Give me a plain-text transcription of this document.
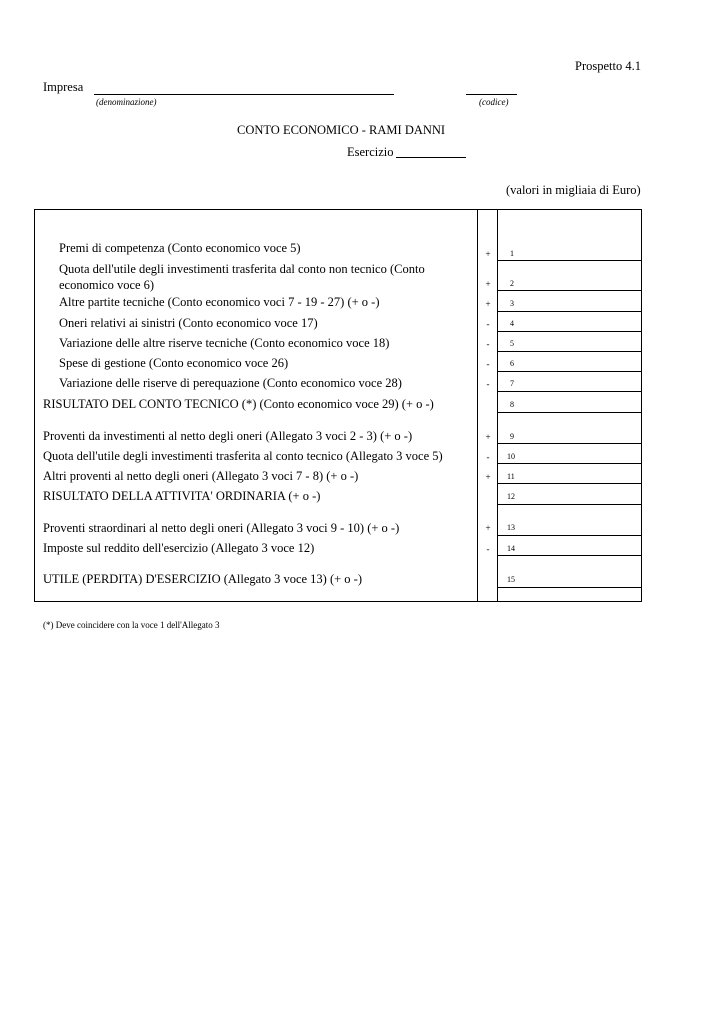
Prospetto 4.1
Impresa
(denominazione)	(codice)
CONTO ECONOMICO - RAMI DANNI
Esercizio
(valori in migliaia di Euro)
Premi di competenza (Conto economico voce 5)	+	1
Quota dell'utile degli investimenti trasferita dal conto non tecnico (Conto
economico voce 6)	+	2
Altre partite tecniche (Conto economico voci 7 - 19 - 27) (+ o -)	+	3
Oneri relativi ai sinistri (Conto economico voce 17)	-	4
Variazione delle altre riserve tecniche (Conto economico voce 18)	-	5
Spese di gestione (Conto economico voce 26)	-	6
Variazione delle riserve di perequazione (Conto economico voce 28)	-	7
RISULTATO DEL CONTO TECNICO (*) (Conto economico voce 29) (+ o -)	8
Proventi da investimenti al netto degli oneri (Allegato 3 voci 2 - 3) (+ o -)	+	9
Quota dell'utile degli investimenti trasferita al conto tecnico (Allegato 3 voce 5)	-	10
Altri proventi al netto degli oneri (Allegato 3 voci 7 - 8) (+ o -)	+	11
RISULTATO DELLA ATTIVITA' ORDINARIA (+ o -)	12
Proventi straordinari al netto degli oneri (Allegato 3 voci 9 - 10) (+ o -)	+	13
Imposte sul reddito dell'esercizio (Allegato 3 voce 12)	-	14
UTILE (PERDITA) D'ESERCIZIO (Allegato 3 voce 13) (+ o -)	15
(*) Deve coincidere con la voce 1 dell'Allegato 3
